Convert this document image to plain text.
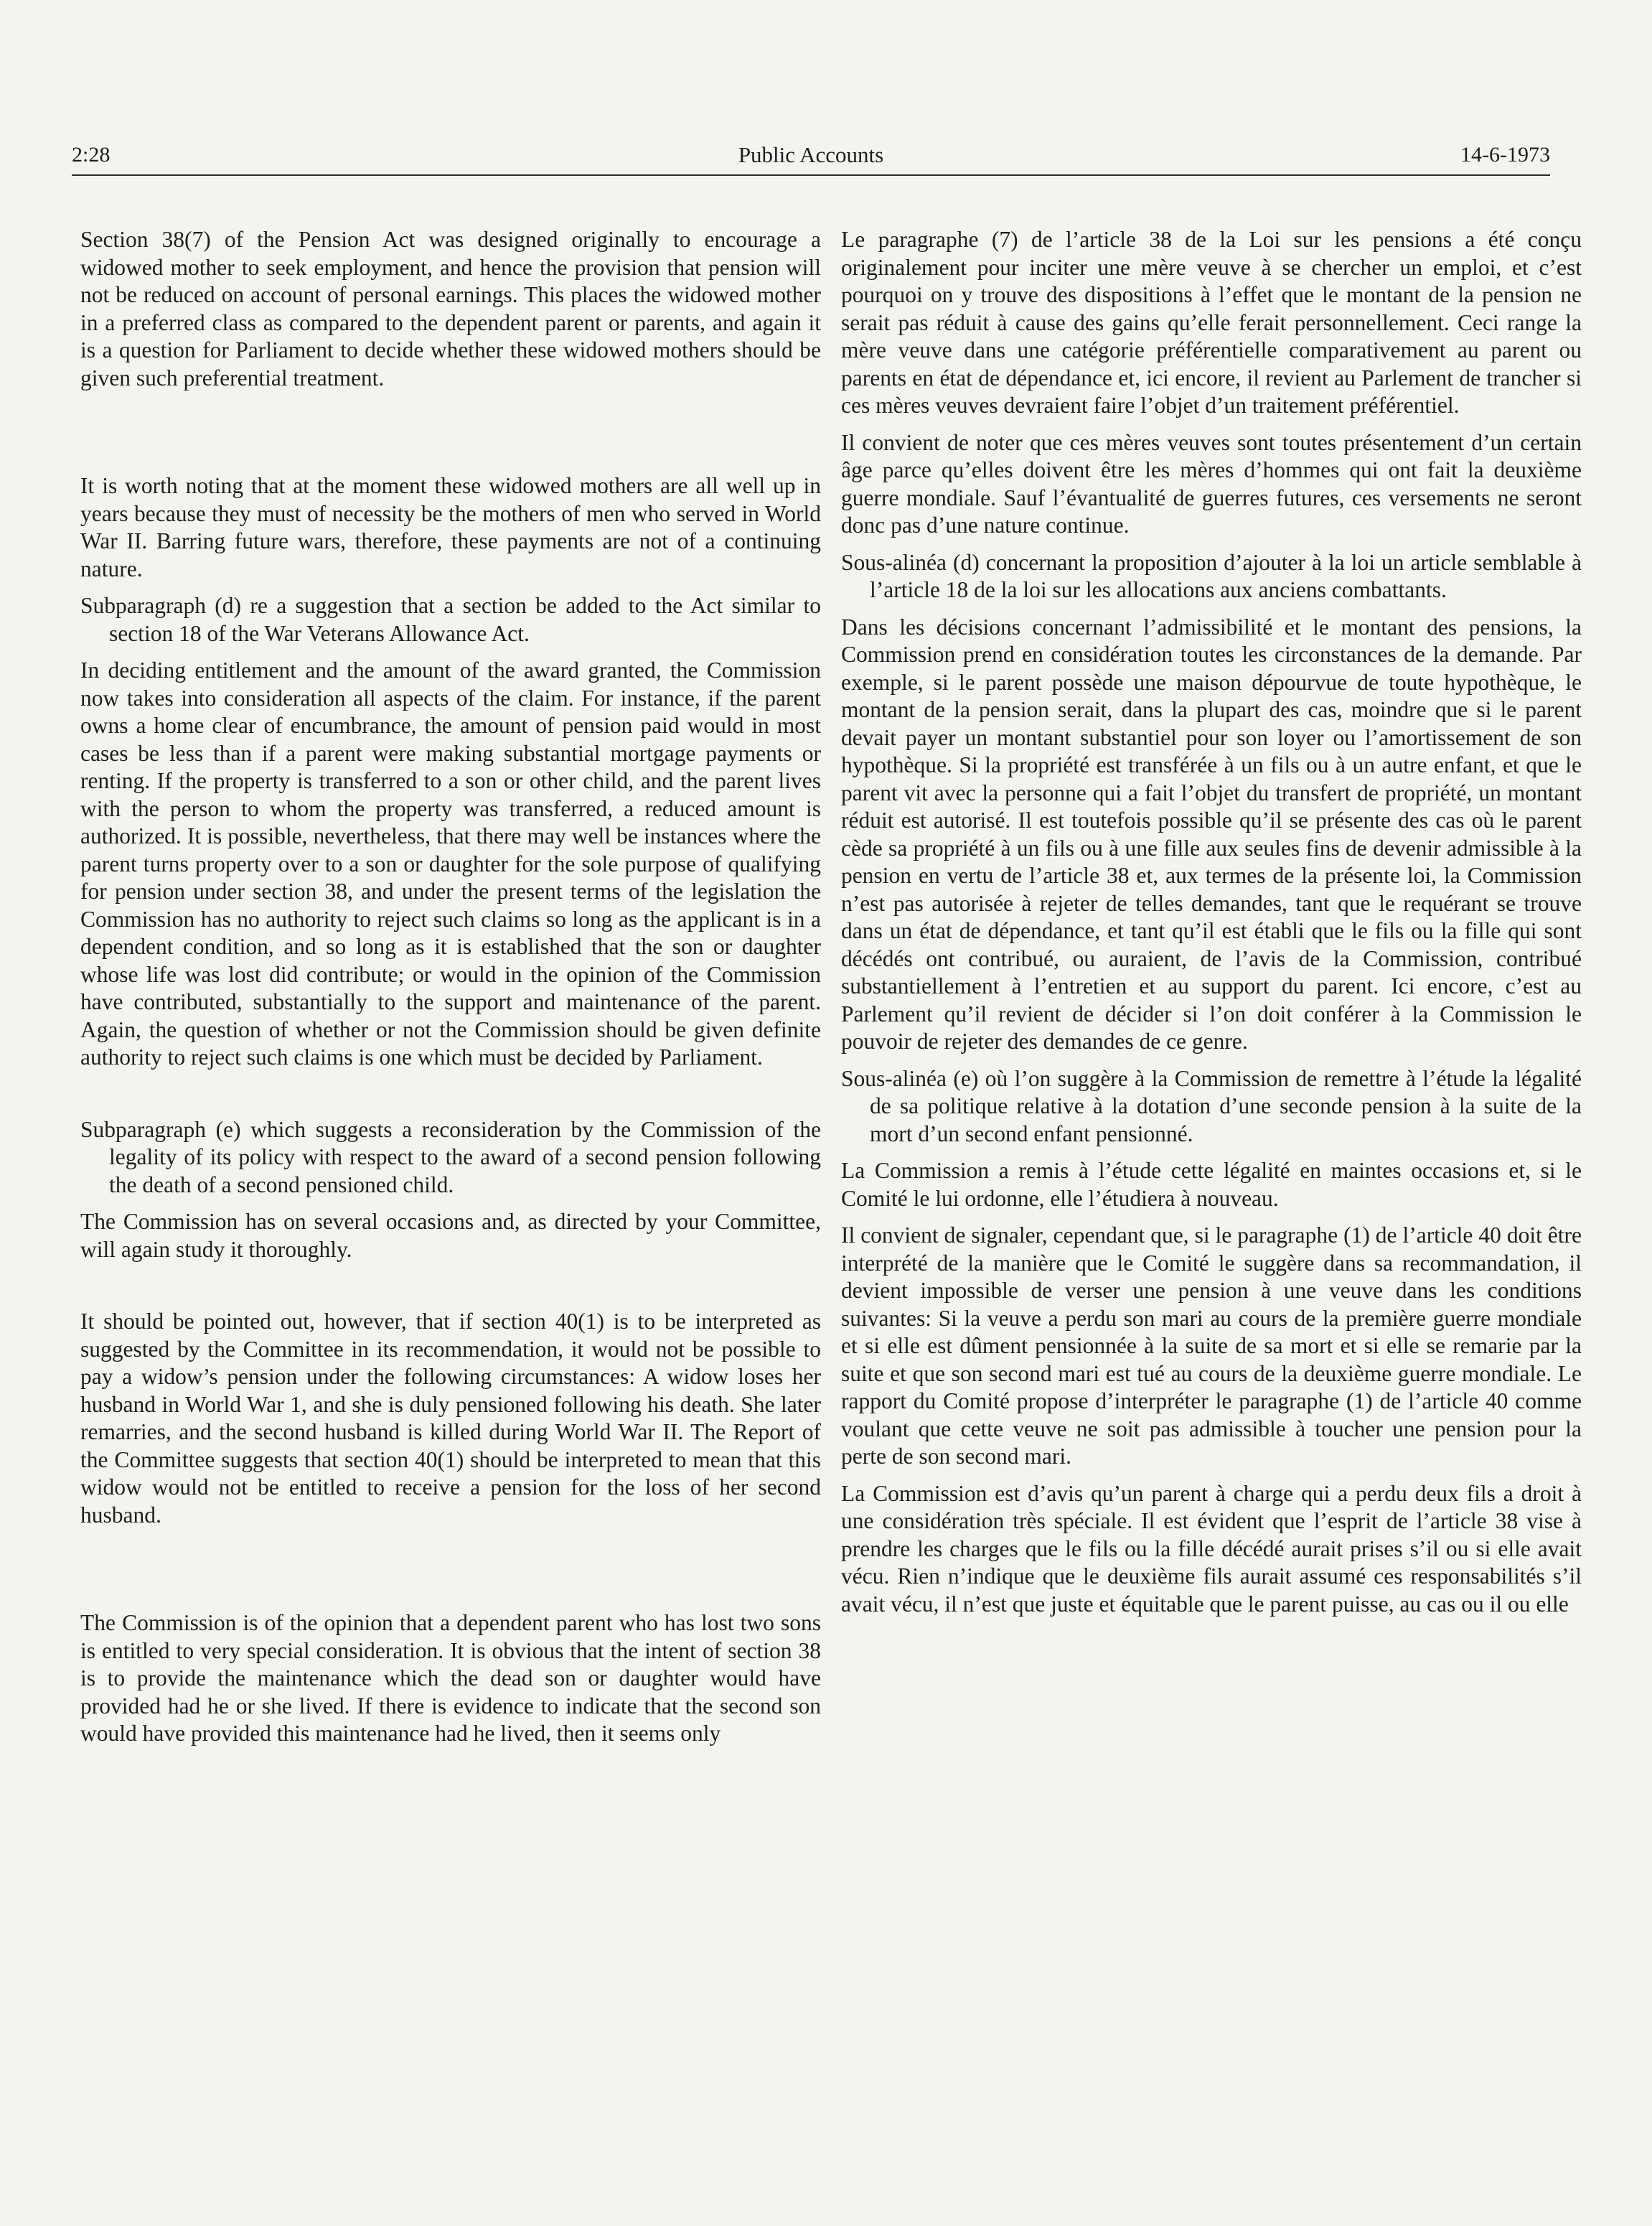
2:28	Public Accounts	14-6-1973

Section 38(7) of the Pension Act was designed originally to encourage a widowed mother to seek employment, and hence the provision that pension will not be reduced on account of personal earnings. This places the widowed mother in a preferred class as compared to the dependent parent or parents, and again it is a question for Parliament to decide whether these widowed mothers should be given such preferential treatment.

It is worth noting that at the moment these widowed mothers are all well up in years because they must of necessity be the mothers of men who served in World War II. Barring future wars, therefore, these payments are not of a continuing nature.

Subparagraph (d) re a suggestion that a section be added to the Act similar to section 18 of the War Veterans Allowance Act.

In deciding entitlement and the amount of the award granted, the Commission now takes into consideration all aspects of the claim. For instance, if the parent owns a home clear of encumbrance, the amount of pension paid would in most cases be less than if a parent were making substantial mortgage payments or renting. If the property is transferred to a son or other child, and the parent lives with the person to whom the property was transferred, a reduced amount is authorized. It is possible, nevertheless, that there may well be instances where the parent turns property over to a son or daughter for the sole purpose of qualifying for pension under section 38, and under the present terms of the legislation the Commission has no authority to reject such claims so long as the applicant is in a dependent condition, and so long as it is established that the son or daughter whose life was lost did contribute; or would in the opinion of the Commission have contributed, substantially to the support and maintenance of the parent. Again, the question of whether or not the Commission should be given definite authority to reject such claims is one which must be decided by Parliament.

Subparagraph (e) which suggests a reconsideration by the Commission of the legality of its policy with respect to the award of a second pension following the death of a second pensioned child.

The Commission has on several occasions and, as directed by your Committee, will again study it thoroughly.

It should be pointed out, however, that if section 40(1) is to be interpreted as suggested by the Committee in its recommendation, it would not be possible to pay a widow’s pension under the following circumstances: A widow loses her husband in World War 1, and she is duly pensioned following his death. She later remarries, and the second husband is killed during World War II. The Report of the Committee suggests that section 40(1) should be interpreted to mean that this widow would not be entitled to receive a pension for the loss of her second husband.

The Commission is of the opinion that a dependent parent who has lost two sons is entitled to very special consideration. It is obvious that the intent of section 38 is to provide the maintenance which the dead son or daughter would have provided had he or she lived. If there is evidence to indicate that the second son would have provided this maintenance had he lived, then it seems only

Le paragraphe (7) de l’article 38 de la Loi sur les pensions a été conçu originalement pour inciter une mère veuve à se chercher un emploi, et c’est pourquoi on y trouve des dispositions à l’effet que le montant de la pension ne serait pas réduit à cause des gains qu’elle ferait personnellement. Ceci range la mère veuve dans une catégorie préférentielle comparativement au parent ou parents en état de dépendance et, ici encore, il revient au Parlement de trancher si ces mères veuves devraient faire l’objet d’un traitement préférentiel.

Il convient de noter que ces mères veuves sont toutes présentement d’un certain âge parce qu’elles doivent être les mères d’hommes qui ont fait la deuxième guerre mondiale. Sauf l’évantualité de guerres futures, ces versements ne seront donc pas d’une nature continue.

Sous-alinéa (d) concernant la proposition d’ajouter à la loi un article semblable à l’article 18 de la loi sur les allocations aux anciens combattants.

Dans les décisions concernant l’admissibilité et le montant des pensions, la Commission prend en considération toutes les circonstances de la demande. Par exemple, si le parent possède une maison dépourvue de toute hypothèque, le montant de la pension serait, dans la plupart des cas, moindre que si le parent devait payer un montant substantiel pour son loyer ou l’amortissement de son hypothèque. Si la propriété est transférée à un fils ou à un autre enfant, et que le parent vit avec la personne qui a fait l’objet du transfert de propriété, un montant réduit est autorisé. Il est toutefois possible qu’il se présente des cas où le parent cède sa propriété à un fils ou à une fille aux seules fins de devenir admissible à la pension en vertu de l’article 38 et, aux termes de la présente loi, la Commission n’est pas autorisée à rejeter de telles demandes, tant que le requérant se trouve dans un état de dépendance, et tant qu’il est établi que le fils ou la fille qui sont décédés ont contribué, ou auraient, de l’avis de la Commission, contribué substantiellement à l’entretien et au support du parent. Ici encore, c’est au Parlement qu’il revient de décider si l’on doit conférer à la Commission le pouvoir de rejeter des demandes de ce genre.

Sous-alinéa (e) où l’on suggère à la Commission de remettre à l’étude la légalité de sa politique relative à la dotation d’une seconde pension à la suite de la mort d’un second enfant pensionné.

La Commission a remis à l’étude cette légalité en maintes occasions et, si le Comité le lui ordonne, elle l’étudiera à nouveau.

Il convient de signaler, cependant que, si le paragraphe (1) de l’article 40 doit être interprété de la manière que le Comité le suggère dans sa recommandation, il devient impossible de verser une pension à une veuve dans les conditions suivantes: Si la veuve a perdu son mari au cours de la première guerre mondiale et si elle est dûment pensionnée à la suite de sa mort et si elle se remarie par la suite et que son second mari est tué au cours de la deuxième guerre mondiale. Le rapport du Comité propose d’interpréter le paragraphe (1) de l’article 40 comme voulant que cette veuve ne soit pas admissible à toucher une pension pour la perte de son second mari.

La Commission est d’avis qu’un parent à charge qui a perdu deux fils a droit à une considération très spéciale. Il est évident que l’esprit de l’article 38 vise à prendre les charges que le fils ou la fille décédé aurait prises s’il ou si elle avait vécu. Rien n’indique que le deuxième fils aurait assumé ces responsabilités s’il avait vécu, il n’est que juste et équitable que le parent puisse, au cas ou il ou elle
